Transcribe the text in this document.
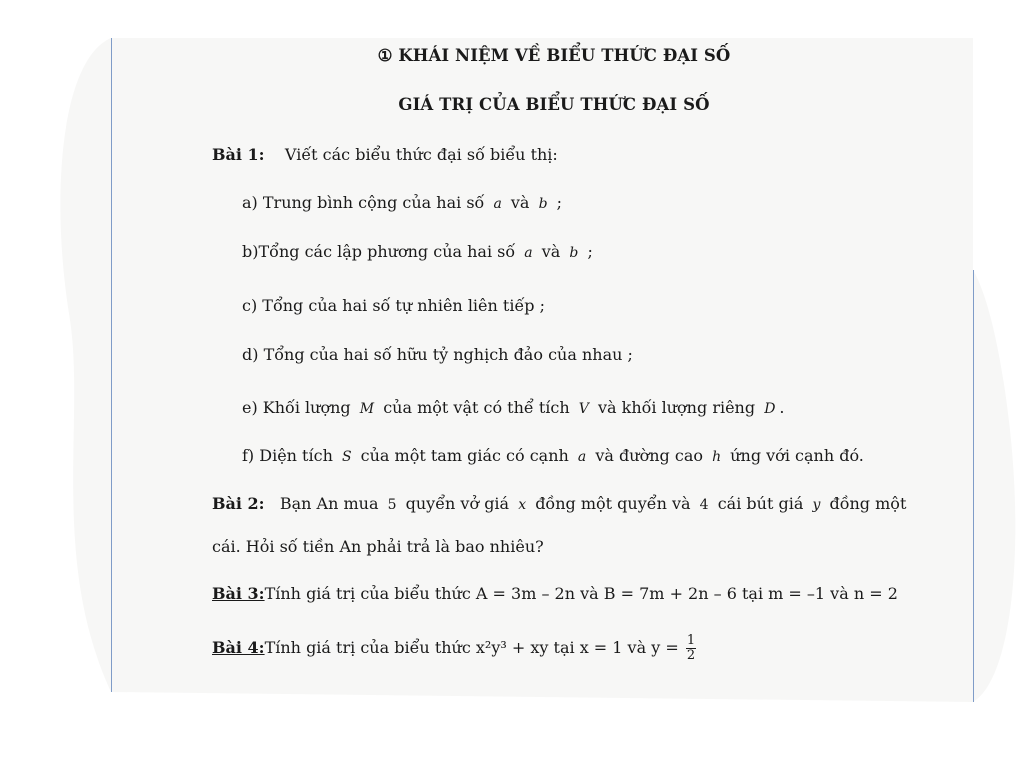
① KHÁI NIỆM VỀ BIỂU THỨC ĐẠI SỐ
GIÁ TRỊ CỦA BIỂU THỨC ĐẠI SỐ
Bài 1: Viết các biểu thức đại số biểu thị:
a) Trung bình cộng của hai số a và b ;
b)Tổng các lập phương của hai số a và b ;
c) Tổng của hai số tự nhiên liên tiếp ;
d) Tổng của hai số hữu tỷ nghịch đảo của nhau ;
e) Khối lượng M của một vật có thể tích V và khối lượng riêng D .
f) Diện tích S của một tam giác có cạnh a và đường cao h ứng với cạnh đó.
Bài 2: Bạn An mua 5 quyển vở giá x đồng một quyển và 4 cái bút giá y đồng một
cái. Hỏi số tiền An phải trả là bao nhiêu?
Bài 3:Tính giá trị của biểu thức A = 3m – 2n và B = 7m + 2n – 6 tại m = –1 và n = 2
Bài 4:Tính giá trị của biểu thức x²y³ + xy tại x = 1 và $y = \frac{1}{2}$
